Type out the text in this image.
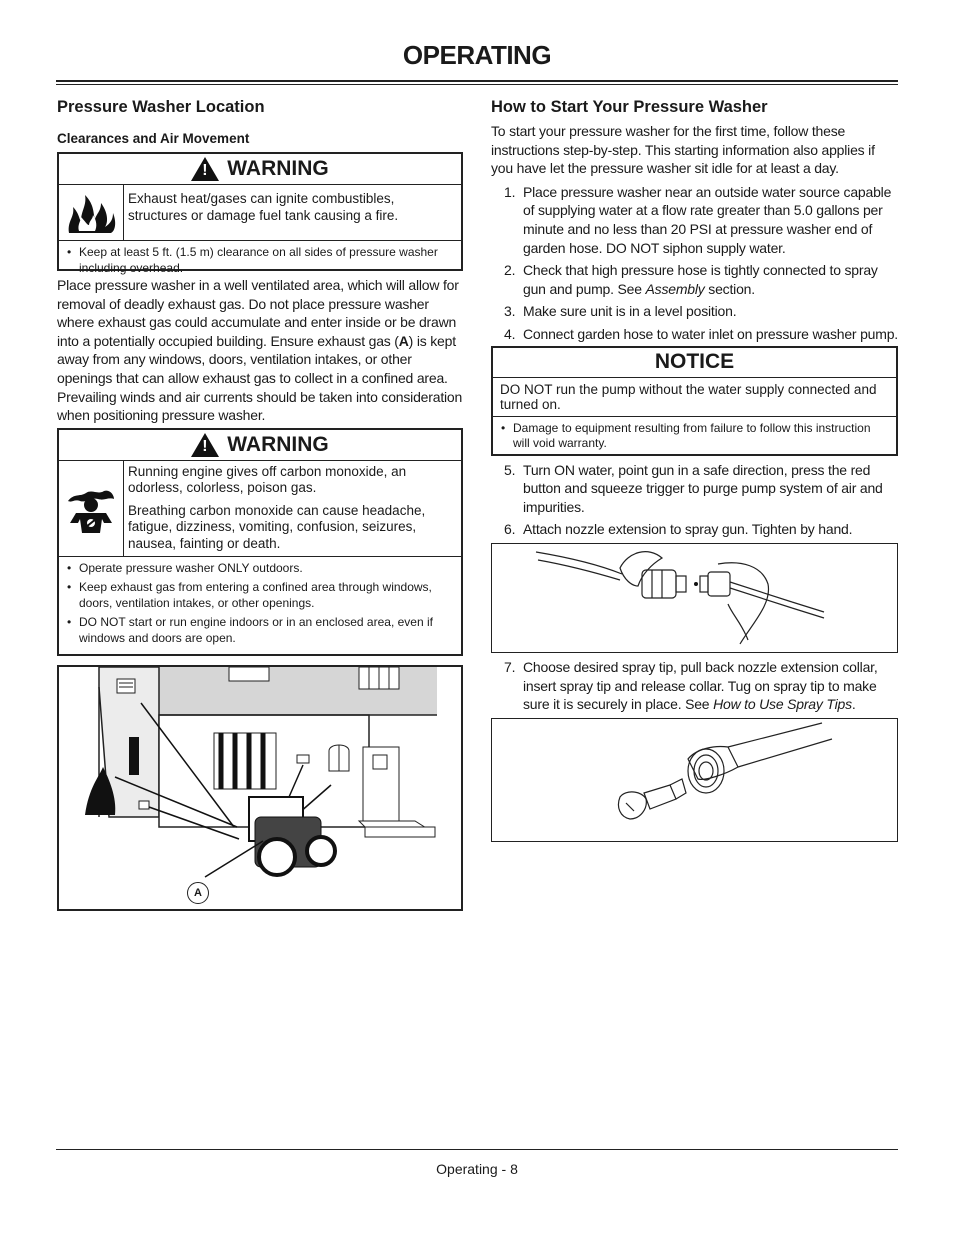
OPERATING
Pressure Washer Location
Clearances and Air Movement
!
WARNING
Exhaust heat/gases can ignite combustibles, structures or damage fuel tank causing a fire.
• Keep at least 5 ft. (1.5 m) clearance on all sides of pressure washer including overhead.

Place pressure washer in a well ventilated area, which will allow for removal of deadly exhaust gas. Do not place pressure washer where exhaust gas could accumulate and enter inside or be drawn into a potentially occupied building. Ensure exhaust gas (A) is kept away from any windows, doors, ventilation intakes, or other openings that can allow exhaust gas to collect in a confined area. Prevailing winds and air currents should be taken into consideration when positioning pressure washer.

!
WARNING
Running engine gives off carbon monoxide, an odorless, colorless, poison gas.
Breathing carbon monoxide can cause headache, fatigue, dizziness, vomiting, confusion, seizures, nausea, fainting or death.
• Operate pressure washer ONLY outdoors.
• Keep exhaust gas from entering a confined area through windows, doors, ventilation intakes, or other openings.
• DO NOT start or run engine indoors or in an enclosed area, even if windows and doors are open.
A
How to Start Your Pressure Washer

To start your pressure washer for the first time, follow these instructions step-by-step. This starting information also applies if you have let the pressure washer sit idle for at least a day.

1. Place pressure washer near an outside water source capable of supplying water at a flow rate greater than 5.0 gallons per minute and no less than 20 PSI at pressure washer end of garden hose. DO NOT siphon supply water.
2. Check that high pressure hose is tightly connected to spray gun and pump. See Assembly section.
3. Make sure unit is in a level position.
4. Connect garden hose to water inlet on pressure washer pump.
NOTICE
DO NOT run the pump without the water supply connected and turned on.
• Damage to equipment resulting from failure to follow this instruction will void warranty.
5. Turn ON water, point gun in a safe direction, press the red button and squeeze trigger to purge pump system of air and impurities.
6. Attach nozzle extension to spray gun. Tighten by hand.
7. Choose desired spray tip, pull back nozzle extension collar, insert spray tip and release collar. Tug on spray tip to make sure it is securely in place. See How to Use Spray Tips.
Operating - 8
